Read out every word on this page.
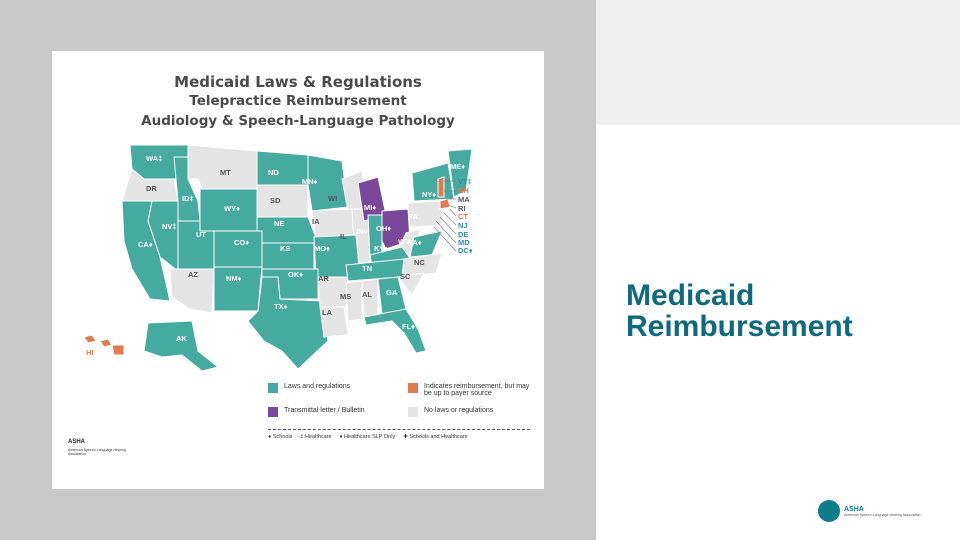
Medicaid Laws & Regulations
Telepractice Reimbursement
Audiology & Speech-Language Pathology
WA‡
DR
ID‡
MT	ND
MN♦
WI
MI♦
NY♦
ME♦
SD
WY♦
NE	IA
IL
IN♦ OH♦
PA
NV‡
UT
CO♦
KS	MO♦	KY♦
WV
VA♦
CA♦
AZ	NM♦	OK♦ AR
TN
NC
SC
TX♦
MS AL GA
LA
FL♦
AK
HI
VT‡
NH
MA
RI
CT
NJ
DE
MD
DC♦
Laws and regulations	Indicates reimbursement, but may be up to payer source
Transmittal letter / Bulletin	No laws or regulations
● Schools ‡ Healthcare ♦ Healthcare SLP Only ✚ Schools and Healthcare
ASHA
American Speech-Language-Hearing Association
Medicaid
Reimbursement
ASHA
American Speech-Language-Hearing Association
